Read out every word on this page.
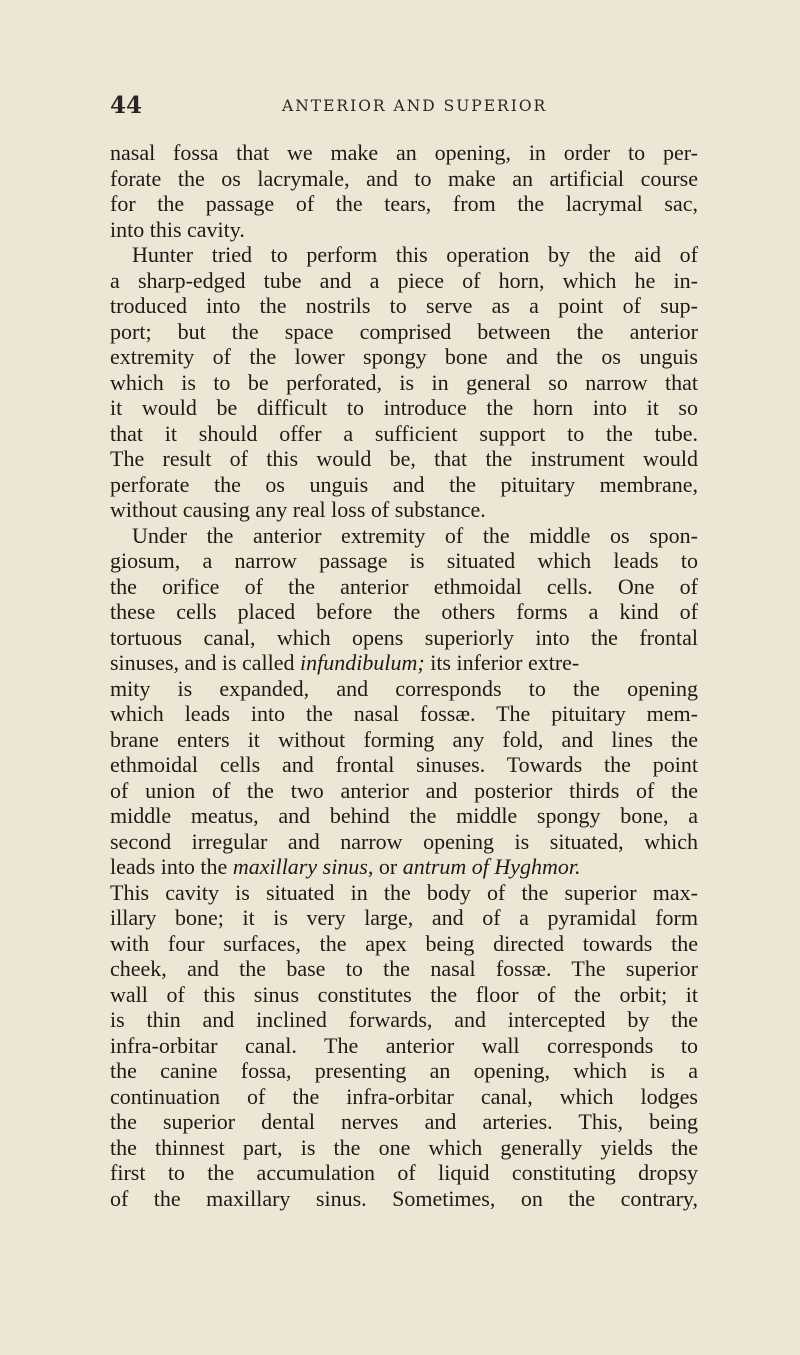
44	ANTERIOR AND SUPERIOR
nasal fossa that we make an opening, in order to per-
forate the os lacrymale, and to make an artificial course
for the passage of the tears, from the lacrymal sac,
into this cavity.
Hunter tried to perform this operation by the aid of
a sharp-edged tube and a piece of horn, which he in-
troduced into the nostrils to serve as a point of sup-
port; but the space comprised between the anterior
extremity of the lower spongy bone and the os unguis
which is to be perforated, is in general so narrow that
it would be difficult to introduce the horn into it so
that it should offer a sufficient support to the tube.
The result of this would be, that the instrument would
perforate the os unguis and the pituitary membrane,
without causing any real loss of substance.
Under the anterior extremity of the middle os spon-
giosum, a narrow passage is situated which leads to
the orifice of the anterior ethmoidal cells. One of
these cells placed before the others forms a kind of
tortuous canal, which opens superiorly into the frontal
sinuses, and is called infundibulum; its inferior extre-
mity is expanded, and corresponds to the opening
which leads into the nasal fossæ. The pituitary mem-
brane enters it without forming any fold, and lines the
ethmoidal cells and frontal sinuses. Towards the point
of union of the two anterior and posterior thirds of the
middle meatus, and behind the middle spongy bone, a
second irregular and narrow opening is situated, which
leads into the maxillary sinus, or antrum of Hyghmor.
This cavity is situated in the body of the superior max-
illary bone; it is very large, and of a pyramidal form
with four surfaces, the apex being directed towards the
cheek, and the base to the nasal fossæ. The superior
wall of this sinus constitutes the floor of the orbit; it
is thin and inclined forwards, and intercepted by the
infra-orbitar canal. The anterior wall corresponds to
the canine fossa, presenting an opening, which is a
continuation of the infra-orbitar canal, which lodges
the superior dental nerves and arteries. This, being
the thinnest part, is the one which generally yields the
first to the accumulation of liquid constituting dropsy
of the maxillary sinus. Sometimes, on the contrary,
